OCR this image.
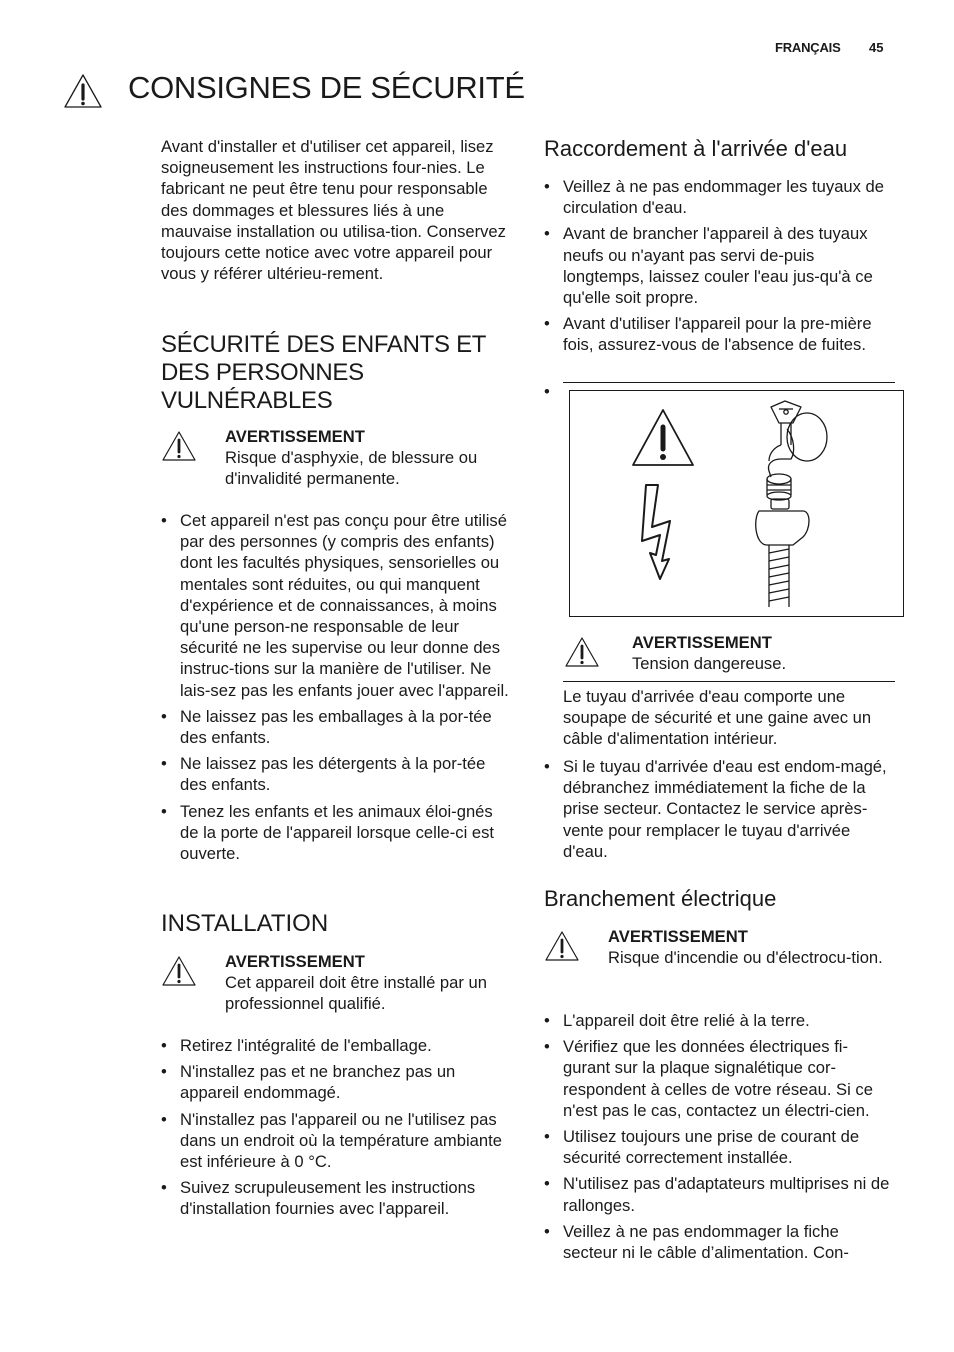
FRANÇAIS 45
CONSIGNES DE SÉCURITÉ

Avant d'installer et d'utiliser cet appareil, lisez soigneusement les instructions four-nies. Le fabricant ne peut être tenu pour responsable des dommages et blessures liés à une mauvaise installation ou utilisa-tion. Conservez toujours cette notice avec votre appareil pour vous y référer ultérieu-rement.

SÉCURITÉ DES ENFANTS ET DES PERSONNES VULNÉRABLES
AVERTISSEMENT
Risque d'asphyxie, de blessure ou d'invalidité permanente.
• Cet appareil n'est pas conçu pour être utilisé par des personnes (y compris des enfants) dont les facultés physiques, sensorielles ou mentales sont réduites, ou qui manquent d'expérience et de connaissances, à moins qu'une person-ne responsable de leur sécurité ne les supervise ou leur donne des instruc-tions sur la manière de l'utiliser. Ne lais-sez pas les enfants jouer avec l'appareil.
• Ne laissez pas les emballages à la por-tée des enfants.
• Ne laissez pas les détergents à la por-tée des enfants.
• Tenez les enfants et les animaux éloi-gnés de la porte de l'appareil lorsque celle-ci est ouverte.
INSTALLATION
AVERTISSEMENT
Cet appareil doit être installé par un professionnel qualifié.
• Retirez l'intégralité de l'emballage.
• N'installez pas et ne branchez pas un appareil endommagé.
• N'installez pas l'appareil ou ne l'utilisez pas dans un endroit où la température ambiante est inférieure à 0 °C.
• Suivez scrupuleusement les instructions d'installation fournies avec l'appareil.
Raccordement à l'arrivée d'eau
• Veillez à ne pas endommager les tuyaux de circulation d'eau.
• Avant de brancher l'appareil à des tuyaux neufs ou n'ayant pas servi de-puis longtemps, laissez couler l'eau jus-qu'à ce qu'elle soit propre.
• Avant d'utiliser l'appareil pour la pre-mière fois, assurez-vous de l'absence de fuites.
•
AVERTISSEMENT
Tension dangereuse.

Le tuyau d'arrivée d'eau comporte une soupape de sécurité et une gaine avec un câble d'alimentation intérieur.

• Si le tuyau d'arrivée d'eau est endom-magé, débranchez immédiatement la fiche de la prise secteur. Contactez le service après-vente pour remplacer le tuyau d'arrivée d'eau.
Branchement électrique
AVERTISSEMENT
Risque d'incendie ou d'électrocu-tion.
• L'appareil doit être relié à la terre.
• Vérifiez que les données électriques fi-gurant sur la plaque signalétique cor-respondent à celles de votre réseau. Si ce n'est pas le cas, contactez un électri-cien.
• Utilisez toujours une prise de courant de sécurité correctement installée.
• N'utilisez pas d'adaptateurs multiprises ni de rallonges.
• Veillez à ne pas endommager la fiche secteur ni le câble d’alimentation. Con-
